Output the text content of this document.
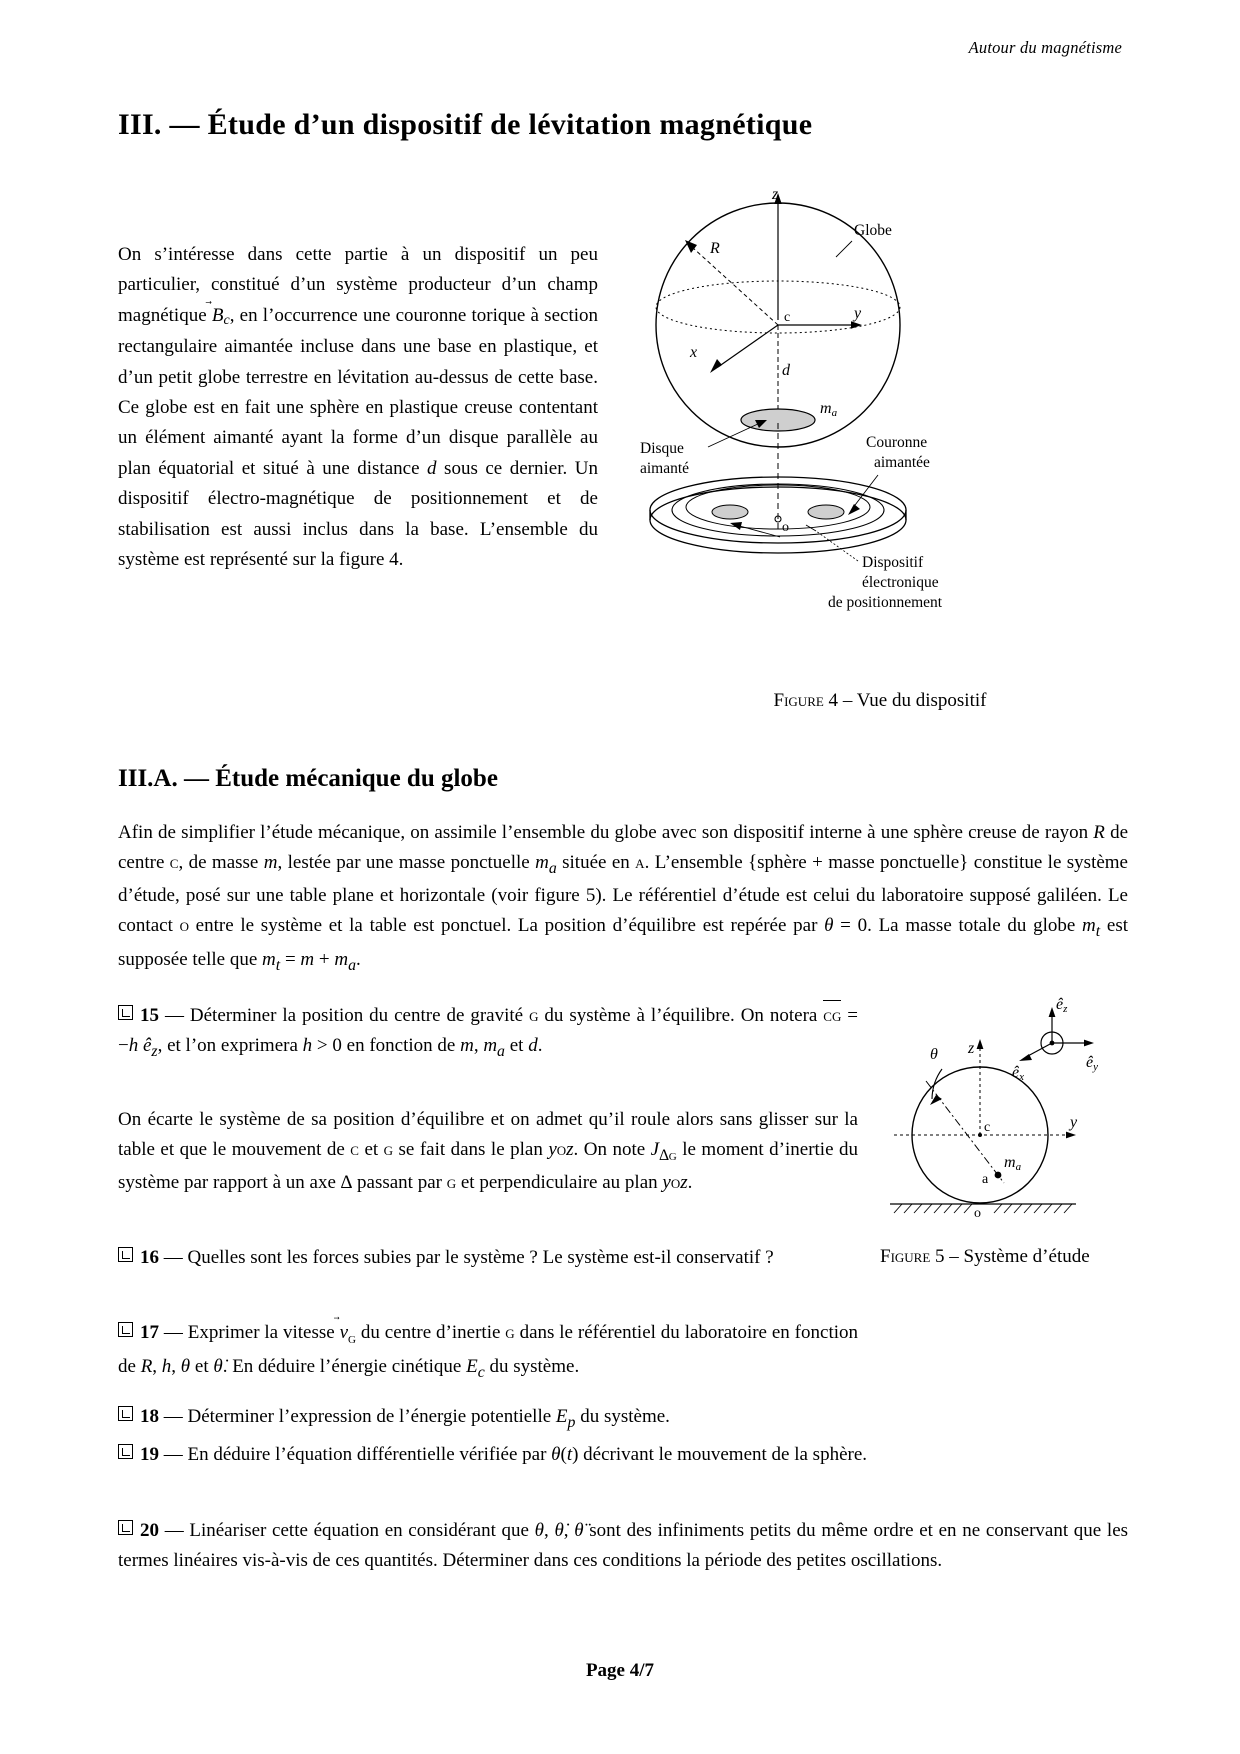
Autour du magnétisme
III. — Étude d’un dispositif de lévitation magnétique
On s’intéresse dans cette partie à un dispositif un peu particulier, constitué d’un système producteur d’un champ magnétique B
c, en l’occurrence une couronne torique à section rectangulaire aimantée incluse dans une base en plastique, et d’un petit globe terrestre en lévitation au-dessus de cette base. Ce globe est en fait une sphère en plastique creuse contentant un élément aimanté ayant la forme d’un disque parallèle au plan équatorial et situé à une distance d sous ce dernier. Un dispositif électro-magnétique de positionnement et de stabilisation est aussi inclus dans la base. L’ensemble du système est représenté sur la figure 4.
z
R
y
x
c
d
ma
Globe
Disque
aimanté
o
Couronne
aimantée
Dispositif
électronique
de positionnement
Figure 4 – Vue du dispositif
III.A. — Étude mécanique du globe
Afin de simplifier l’étude mécanique, on assimile l’ensemble du globe avec son dispositif interne à une sphère creuse de rayon R de centre c, de masse m, lestée par une masse ponctuelle $m_a$ située en a. L’ensemble {sphère + masse ponctuelle} constitue le système d’étude, posé sur une table plane et horizontale (voir figure 5). Le référentiel d’étude est celui du laboratoire supposé galiléen. Le contact o entre le système et la table est ponctuel. La position d’équilibre est repérée par θ = 0. La masse totale du globe $m_t$ est supposée telle que $m_t = m + m_a$.
15 — Déterminer la position du centre de gravité g du système à l’équilibre. On notera cg = −h $ê_z$, et l’on exprimera h > 0 en fonction de m, $m_a$ et d.
On écarte le système de sa position d’équilibre et on admet qu’il roule alors sans glisser sur la table et que le mouvement de c et g se fait dans le plan yoz. On note $J_{\Delta g}$ le moment d’inertie du système par rapport à un axe ∆ passant par g et perpendiculaire au plan yoz.
16 — Quelles sont les forces subies par le système ? Le système est-il conservatif ?
17 — Exprimer la vitesse v
$_g$ du centre d’inertie g dans le référentiel du laboratoire en fonction de R, h, θ et θ̇. En déduire l’énergie cinétique $E_c$ du système.
18 — Déterminer l’expression de l’énergie potentielle $E_p$ du système.
19 — En déduire l’équation différentielle vérifiée par θ(t) décrivant le mouvement de la sphère.
20 — Linéariser cette équation en considérant que θ, θ̇, θ̈ sont des infiniments petits du même ordre et en ne conservant que les termes linéaires vis-à-vis de ces quantités. Déterminer dans ces conditions la période des petites oscillations.
êz
êy
êx
z
y
θ
c
a
ma
o
Figure 5 – Système d’étude
Page 4/7
